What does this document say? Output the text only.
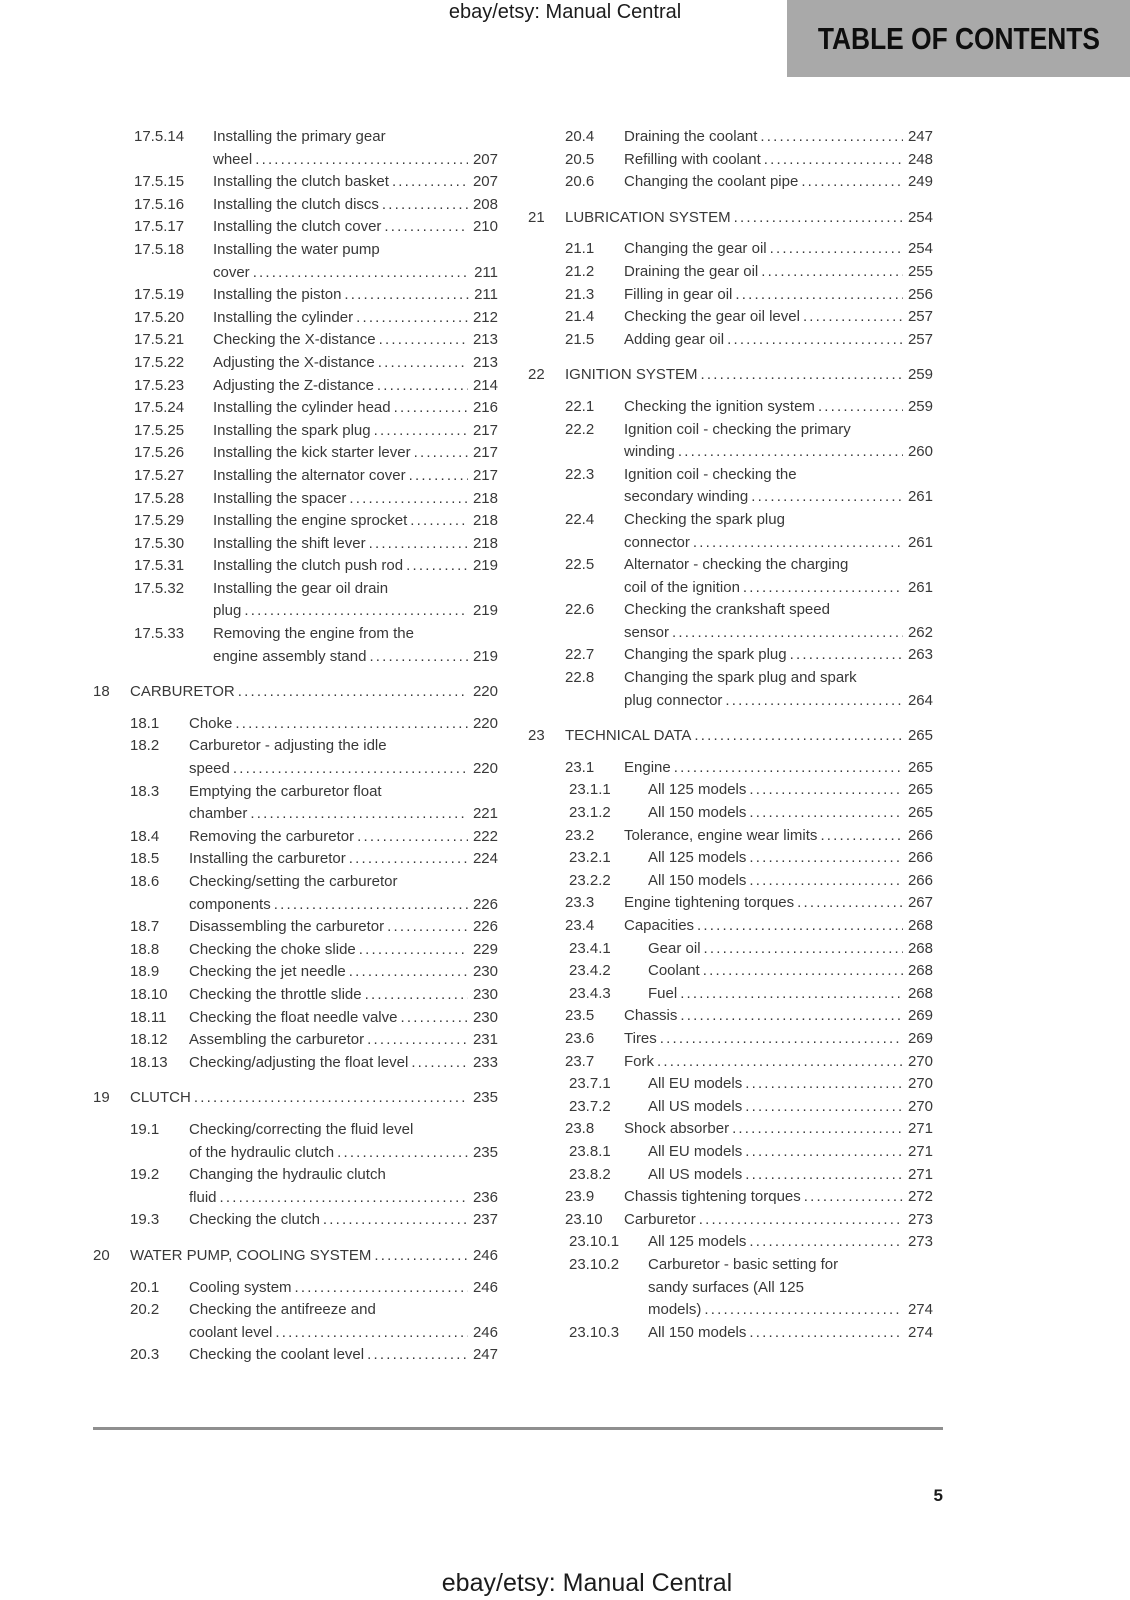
ebay/etsy: Manual Central
TABLE OF CONTENTS
17.5.14	Installing the primary gear
wheel .....	207
17.5.15	Installing the clutch basket .....	207
17.5.16	Installing the clutch discs .....	208
17.5.17	Installing the clutch cover .....	210
17.5.18	Installing the water pump
cover .....	211
17.5.19	Installing the piston .....	211
17.5.20	Installing the cylinder .....	212
17.5.21	Checking the X-distance .....	213
17.5.22	Adjusting the X-distance .....	213
17.5.23	Adjusting the Z-distance .....	214
17.5.24	Installing the cylinder head .....	216
17.5.25	Installing the spark plug .....	217
17.5.26	Installing the kick starter lever .....	217
17.5.27	Installing the alternator cover .....	217
17.5.28	Installing the spacer .....	218
17.5.29	Installing the engine sprocket .....	218
17.5.30	Installing the shift lever .....	218
17.5.31	Installing the clutch push rod .....	219
17.5.32	Installing the gear oil drain
plug .....	219
17.5.33	Removing the engine from the
engine assembly stand .....	219
18	CARBURETOR .....	220
18.1	Choke .....	220
18.2	Carburetor - adjusting the idle
speed .....	220
18.3	Emptying the carburetor float
chamber .....	221
18.4	Removing the carburetor .....	222
18.5	Installing the carburetor .....	224
18.6	Checking/setting the carburetor
components .....	226
18.7	Disassembling the carburetor .....	226
18.8	Checking the choke slide .....	229
18.9	Checking the jet needle .....	230
18.10	Checking the throttle slide .....	230
18.11	Checking the float needle valve .....	230
18.12	Assembling the carburetor .....	231
18.13	Checking/adjusting the float level .....	233
19	CLUTCH .....	235
19.1	Checking/correcting the fluid level
of the hydraulic clutch .....	235
19.2	Changing the hydraulic clutch
fluid .....	236
19.3	Checking the clutch .....	237
20	WATER PUMP, COOLING SYSTEM .....	246
20.1	Cooling system .....	246
20.2	Checking the antifreeze and
coolant level .....	246
20.3	Checking the coolant level .....	247
20.4	Draining the coolant .....	247
20.5	Refilling with coolant .....	248
20.6	Changing the coolant pipe .....	249
21	LUBRICATION SYSTEM .....	254
21.1	Changing the gear oil .....	254
21.2	Draining the gear oil .....	255
21.3	Filling in gear oil .....	256
21.4	Checking the gear oil level .....	257
21.5	Adding gear oil .....	257
22	IGNITION SYSTEM .....	259
22.1	Checking the ignition system .....	259
22.2	Ignition coil - checking the primary
winding .....	260
22.3	Ignition coil - checking the
secondary winding .....	261
22.4	Checking the spark plug
connector .....	261
22.5	Alternator - checking the charging
coil of the ignition .....	261
22.6	Checking the crankshaft speed
sensor .....	262
22.7	Changing the spark plug .....	263
22.8	Changing the spark plug and spark
plug connector .....	264
23	TECHNICAL DATA .....	265
23.1	Engine .....	265
23.1.1	All 125 models .....	265
23.1.2	All 150 models .....	265
23.2	Tolerance, engine wear limits .....	266
23.2.1	All 125 models .....	266
23.2.2	All 150 models .....	266
23.3	Engine tightening torques .....	267
23.4	Capacities .....	268
23.4.1	Gear oil .....	268
23.4.2	Coolant .....	268
23.4.3	Fuel .....	268
23.5	Chassis .....	269
23.6	Tires .....	269
23.7	Fork .....	270
23.7.1	All EU models .....	270
23.7.2	All US models .....	270
23.8	Shock absorber .....	271
23.8.1	All EU models .....	271
23.8.2	All US models .....	271
23.9	Chassis tightening torques .....	272
23.10	Carburetor .....	273
23.10.1	All 125 models .....	273
23.10.2	Carburetor - basic setting for
sandy surfaces (All 125
models) .....	274
23.10.3	All 150 models .....	274
5
ebay/etsy: Manual Central
